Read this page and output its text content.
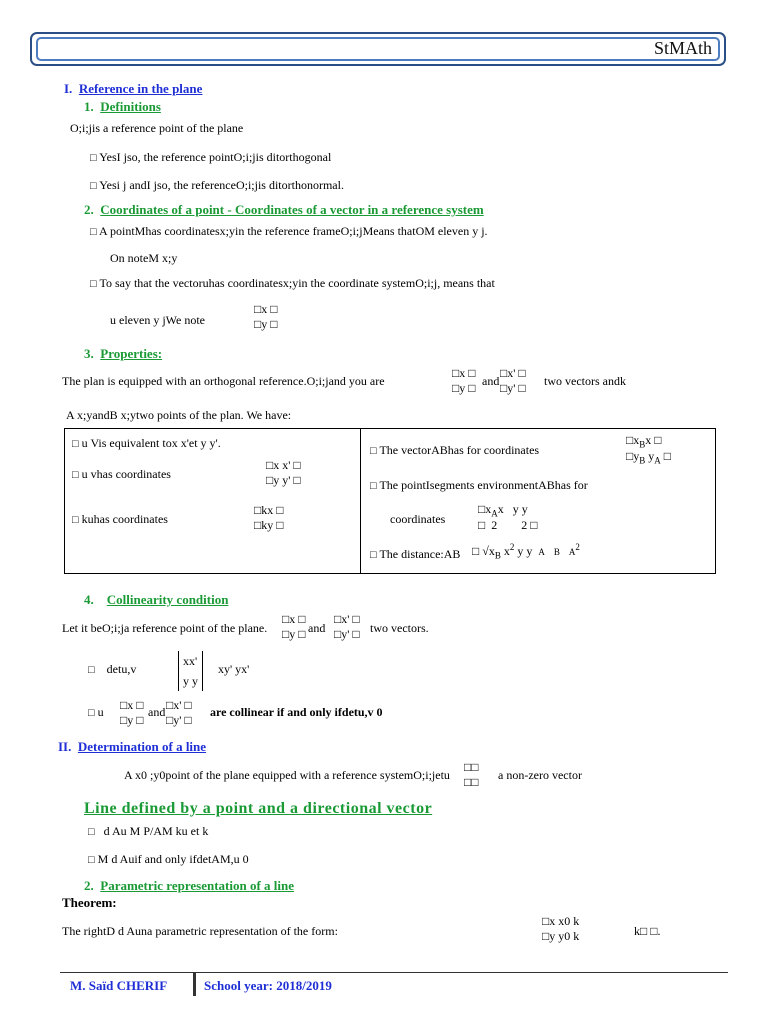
StMAth
I. Reference in the plane
1. Definitions
O;i;jis a reference point of the plane
□ YesI jso, the reference pointO;i;jis ditorthogonal
□ Yesi j andI jso, the referenceO;i;jis ditorthonormal.
2. Coordinates of a point - Coordinates of a vector in a reference system
□ A pointMhas coordinatesx;yin the reference frameO;i;jMeans thatOM eleven y j.
On noteM x;y
□ To say that the vectoruhas coordinatesx;yin the coordinate systemO;i;j, means that
u eleven y jWe note
□x □
□y □
3. Properties:
The plan is equipped with an orthogonal reference.O;i;jand you are
□x □
□y □ and
□x' □
□y' □ two vectors andk
A x;yandB x;ytwo points of the plan. We have:
□ u Vis equivalent tox x'et y y'.
□ u vhas coordinates
□x x' □
□y y' □
□ kuhas coordinates
□kx □
□ky □
□ The vectorABhas for coordinates
$□x_Bx$ □
$□y_B$ $y_A$ □
□ The pointIsegments environmentABhas for
coordinates
$□x_Ax$   y y
□  2        2 □
□ The distance:AB □ $√x_B$ $x^2$ y y  A B $A^2$
4. Collinearity condition
Let it beO;i;ja reference point of the plane.
□x □
□y □ and
□x' □
□y' □ two vectors.
□ detu,v
xx'
y y
xy' yx'
□ u □x □
□y □
and □x' □
□y' □
are collinear if and only ifdetu,v 0
II. Determination of a line
A x0 ;y0point of the plane equipped with a reference systemO;i;jetu
□□
□□ a non-zero vector
Line defined by a point and a directional vector
□ d Au M P/AM ku et k
□ M d Auif and only ifdetAM,u 0
2. Parametric representation of a line
Theorem:
The rightD d Auna parametric representation of the form:
□x x0 k
□y y0 k	k□ □.
M. Saïd CHERIF	School year: 2018/2019
